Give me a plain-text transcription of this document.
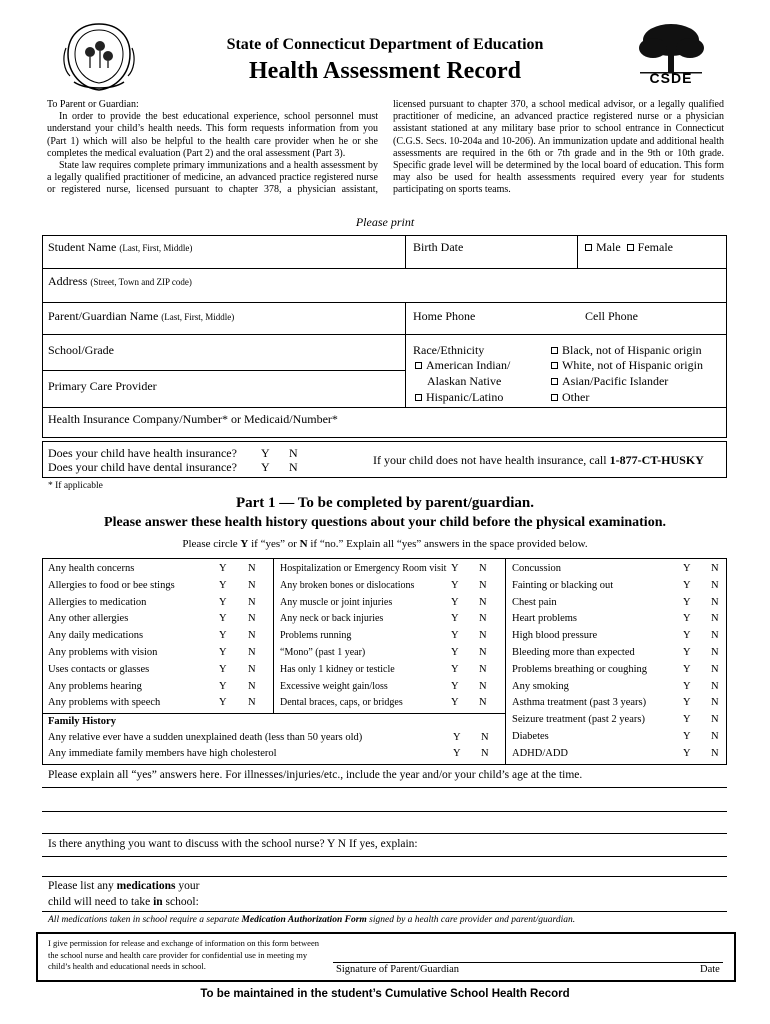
CSDE
State of Connecticut Department of Education
Health Assessment Record

To Parent or Guardian:

In order to provide the best educational experience, school personnel must understand your child’s health needs. This form requests information from you (Part 1) which will also be helpful to the health care provider when he or she completes the medical evaluation (Part 2) and the oral assessment (Part 3).

State law requires complete primary immunizations and a health assessment by a legally qualified practitioner of medicine, an advanced practice registered nurse or registered nurse, licensed pursuant to chapter 378, a physician assistant,

licensed pursuant to chapter 370, a school medical advisor, or a legally qualified practitioner of medicine, an advanced practice registered nurse or a physician assistant stationed at any military base prior to school entrance in Connecticut (C.G.S. Secs. 10-204a and 10-206). An immunization update and additional health assessments are required in the 6th or 7th grade and in the 9th or 10th grade. Specific grade level will be determined by the local board of education. This form may also be used for health assessments required every year for students participating on sports teams.

Please print
Student Name (Last, First, Middle)	Birth Date	Male Female
Address (Street, Town and ZIP code)
Parent/Guardian Name (Last, First, Middle)	Home Phone	Cell Phone
School/Grade
Primary Care Provider
Race/Ethnicity
American Indian/
Alaskan Native
Hispanic/Latino
Black, not of Hispanic origin
White, not of Hispanic origin
Asian/Pacific Islander
Other
Health Insurance Company/Number* or Medicaid/Number*
Does your child have health insurance? Y N
Does your child have dental insurance? Y N	If your child does not have health insurance, call 1-877-CT-HUSKY
* If applicable
Part 1 — To be completed by parent/guardian.
Please answer these health history questions about your child before the physical examination.
Please circle Y if “yes” or N if “no.” Explain all “yes” answers in the space provided below.
Any health concerns	Y N
Allergies to food or bee stings	Y N
Allergies to medication	Y N
Any other allergies	Y N
Any daily medications	Y N
Any problems with vision	Y N
Uses contacts or glasses	Y N
Any problems hearing	Y N
Any problems with speech	Y N
Hospitalization or Emergency Room visit Y N
Any broken bones or dislocations	Y N
Any muscle or joint injuries	Y N
Any neck or back injuries	Y N
Problems running	Y N
“Mono” (past 1 year)	Y N
Has only 1 kidney or testicle	Y N
Excessive weight gain/loss	Y N
Dental braces, caps, or bridges	Y N
Concussion	Y N
Fainting or blacking out	Y N
Chest pain	Y N
Heart problems	Y N
High blood pressure	Y N
Bleeding more than expected	Y N
Problems breathing or coughing	Y N
Any smoking	Y N
Asthma treatment (past 3 years)	Y N
Seizure treatment (past 2 years)	Y N
Diabetes	Y N
ADHD/ADD	Y N
Family History
Any relative ever have a sudden unexplained death (less than 50 years old)	Y N
Any immediate family members have high cholesterol	Y N
Please explain all “yes” answers here. For illnesses/injuries/etc., include the year and/or your child’s age at the time.
Is there anything you want to discuss with the school nurse? Y N If yes, explain:
Please list any medications your
child will need to take in school:
All medications taken in school require a separate Medication Authorization Form signed by a health care provider and parent/guardian.
I give permission for release and exchange of information on this form between the school nurse and health care provider for confidential use in meeting my child’s health and educational needs in school.	Signature of Parent/Guardian	Date
To be maintained in the student’s Cumulative School Health Record
